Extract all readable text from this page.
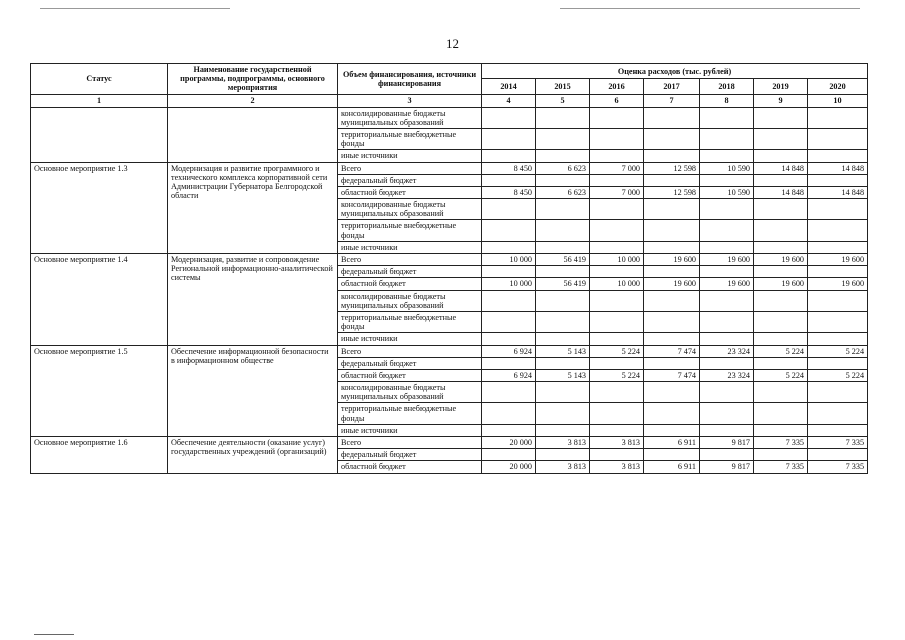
12
Статус	Наименование государственной программы, подпрограммы, основного мероприятия	Объем финансирования, источники финансирования	Оценка расходов (тыс. рублей)						
			2014	2015	2016	2017	2018	2019	2020
1	2	3	4	5	6	7	8	9	10
		консолидированные бюджеты муниципальных образований							
		территориальные внебюджетные фонды							
		иные источники							
Основное мероприятие 1.3	Модернизация и развитие программного и технического комплекса корпоративной сети Администрации Губернатора Белгородской области	Всего	8 450	6 623	7 000	12 598	10 590	14 848	14 848
		федеральный бюджет							
		областной бюджет	8 450	6 623	7 000	12 598	10 590	14 848	14 848
		консолидированные бюджеты муниципальных образований							
		территориальные внебюджетные фонды							
		иные источники							
Основное мероприятие 1.4	Модернизация, развитие и сопровождение Региональной информационно-аналитической системы	Всего	10 000	56 419	10 000	19 600	19 600	19 600	19 600
		федеральный бюджет							
		областной бюджет	10 000	56 419	10 000	19 600	19 600	19 600	19 600
		консолидированные бюджеты муниципальных образований							
		территориальные внебюджетные фонды							
		иные источники							
Основное мероприятие 1.5	Обеспечение информационной безопасности в информационном обществе	Всего	6 924	5 143	5 224	7 474	23 324	5 224	5 224
		федеральный бюджет							
		областной бюджет	6 924	5 143	5 224	7 474	23 324	5 224	5 224
		консолидированные бюджеты муниципальных образований							
		территориальные внебюджетные фонды							
		иные источники							
Основное мероприятие 1.6	Обеспечение деятельности (оказание услуг) государственных учреждений (организаций)	Всего	20 000	3 813	3 813	6 911	9 817	7 335	7 335
		федеральный бюджет							
		областной бюджет	20 000	3 813	3 813	6 911	9 817	7 335	7 335
